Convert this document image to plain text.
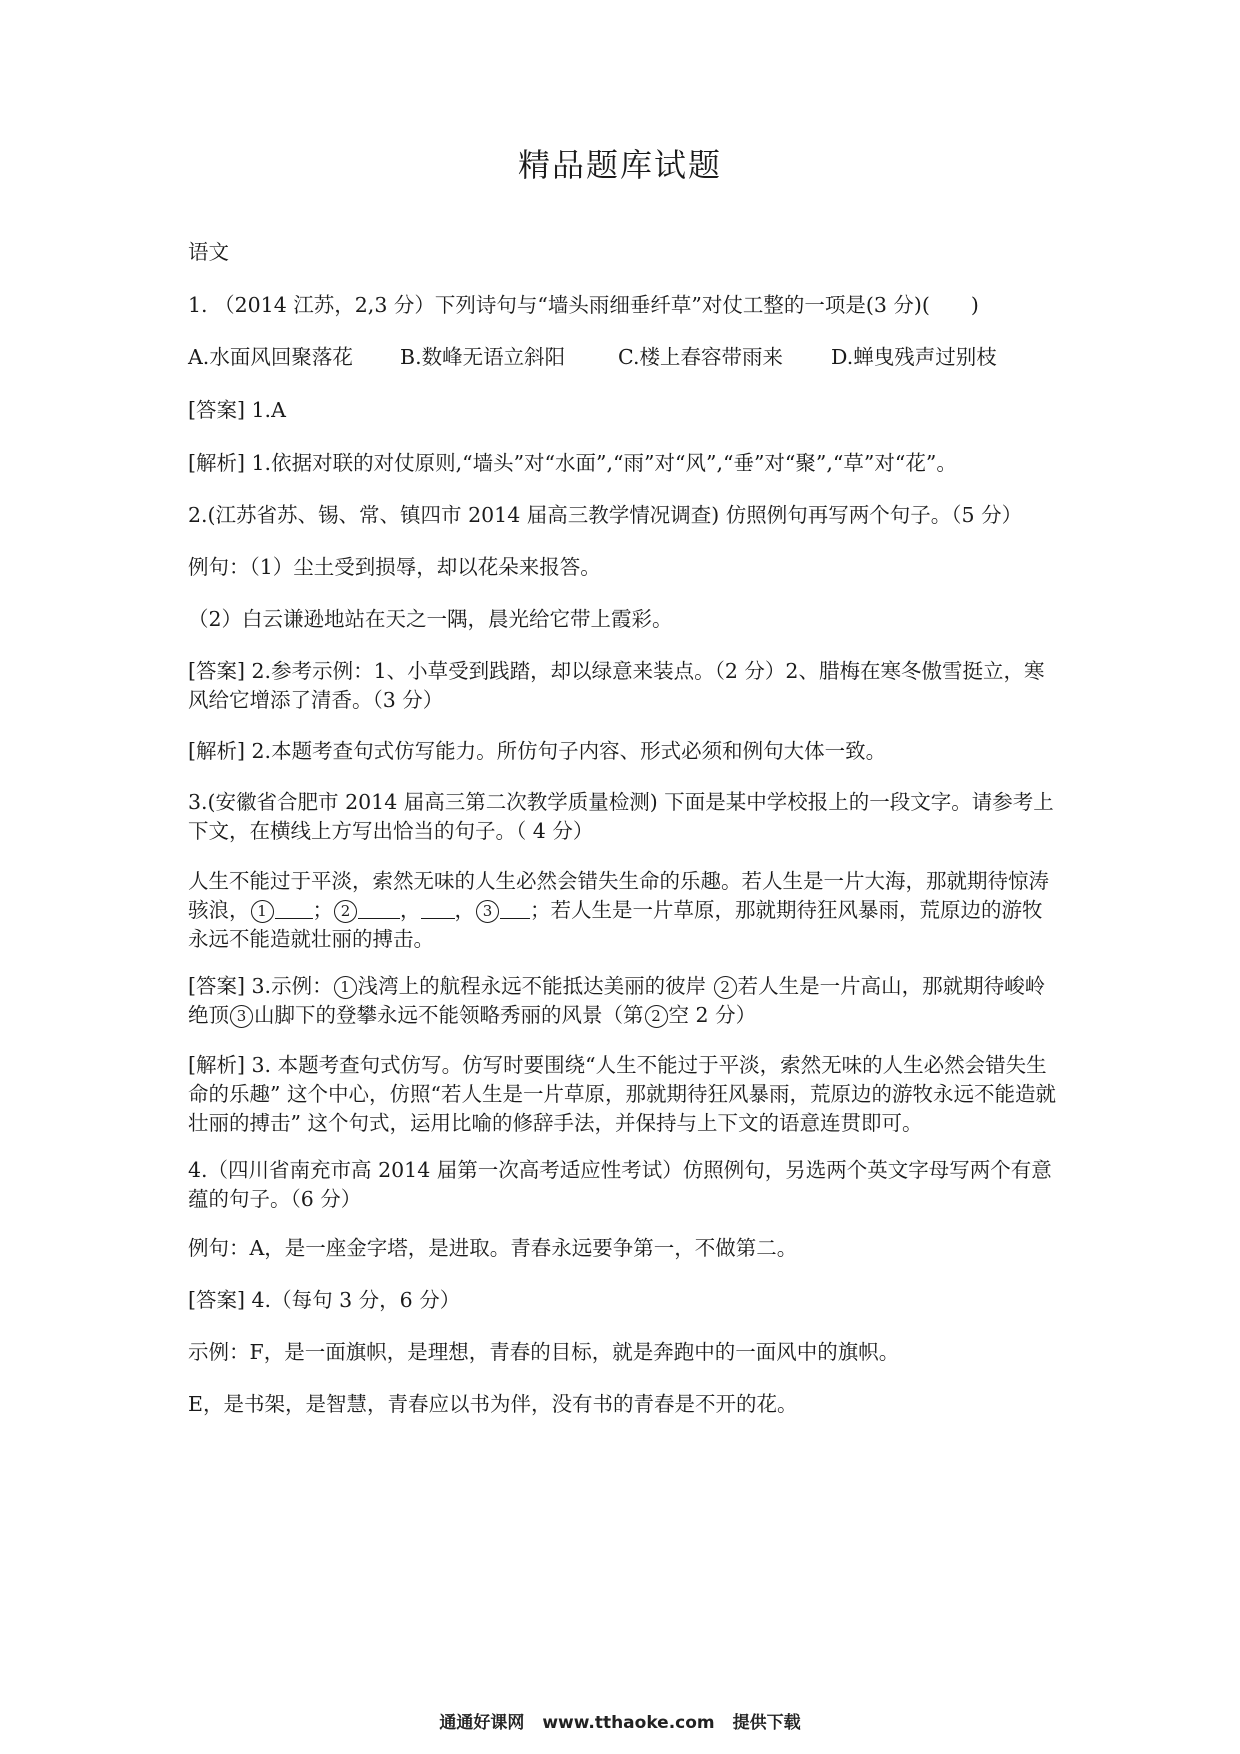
精品题库试题
语文
1. （2014 江苏，2,3 分）下列诗句与“墙头雨细垂纤草”对仗工整的一项是(3 分)(　　)
A.水面风回聚落花	B.数峰无语立斜阳	C.楼上春容带雨来	D.蝉曳残声过别枝
[答案] 1.A
[解析] 1.依据对联的对仗原则,“墙头”对“水面”,“雨”对“风”,“垂”对“聚”,“草”对“花”。
2.(江苏省苏、锡、常、镇四市 2014 届高三教学情况调查) 仿照例句再写两个句子。（5 分）
例句：（1）尘土受到损辱，却以花朵来报答。
（2）白云谦逊地站在天之一隅，晨光给它带上霞彩。
[答案] 2.参考示例：1、小草受到践踏，却以绿意来装点。（2 分）2、腊梅在寒冬傲雪挺立，寒风给它增添了清香。（3 分）
[解析] 2.本题考查句式仿写能力。所仿句子内容、形式必须和例句大体一致。
3.(安徽省合肥市 2014 届高三第二次教学质量检测) 下面是某中学校报上的一段文字。请参考上下文，在横线上方写出恰当的句子。（ 4 分）
人生不能过于平淡，索然无味的人生必然会错失生命的乐趣。若人生是一片大海，那就期待惊涛骇浪， 1 ； 2 ， ， 3 ；若人生是一片草原，那就期待狂风暴雨，荒原边的游牧永远不能造就壮丽的搏击。
[答案] 3.示例： 1 浅湾上的航程永远不能抵达美丽的彼岸 2 若人生是一片高山，那就期待峻岭绝顶 3 山脚下的登攀永远不能领略秀丽的风景（第 2 空 2 分）
[解析] 3. 本题考查句式仿写。仿写时要围绕“人生不能过于平淡，索然无味的人生必然会错失生命的乐趣” 这个中心，仿照“若人生是一片草原，那就期待狂风暴雨，荒原边的游牧永远不能造就壮丽的搏击” 这个句式，运用比喻的修辞手法，并保持与上下文的语意连贯即可。
4.（四川省南充市高 2014 届第一次高考适应性考试）仿照例句，另选两个英文字母写两个有意蕴的句子。（6 分）
例句：A，是一座金字塔，是进取。青春永远要争第一，不做第二。
[答案] 4.（每句 3 分，6 分）
示例：F，是一面旗帜，是理想，青春的目标，就是奔跑中的一面风中的旗帜。
E，是书架，是智慧，青春应以书为伴，没有书的青春是不开的花。
通通好课网 www.tthaoke.com 提供下载
